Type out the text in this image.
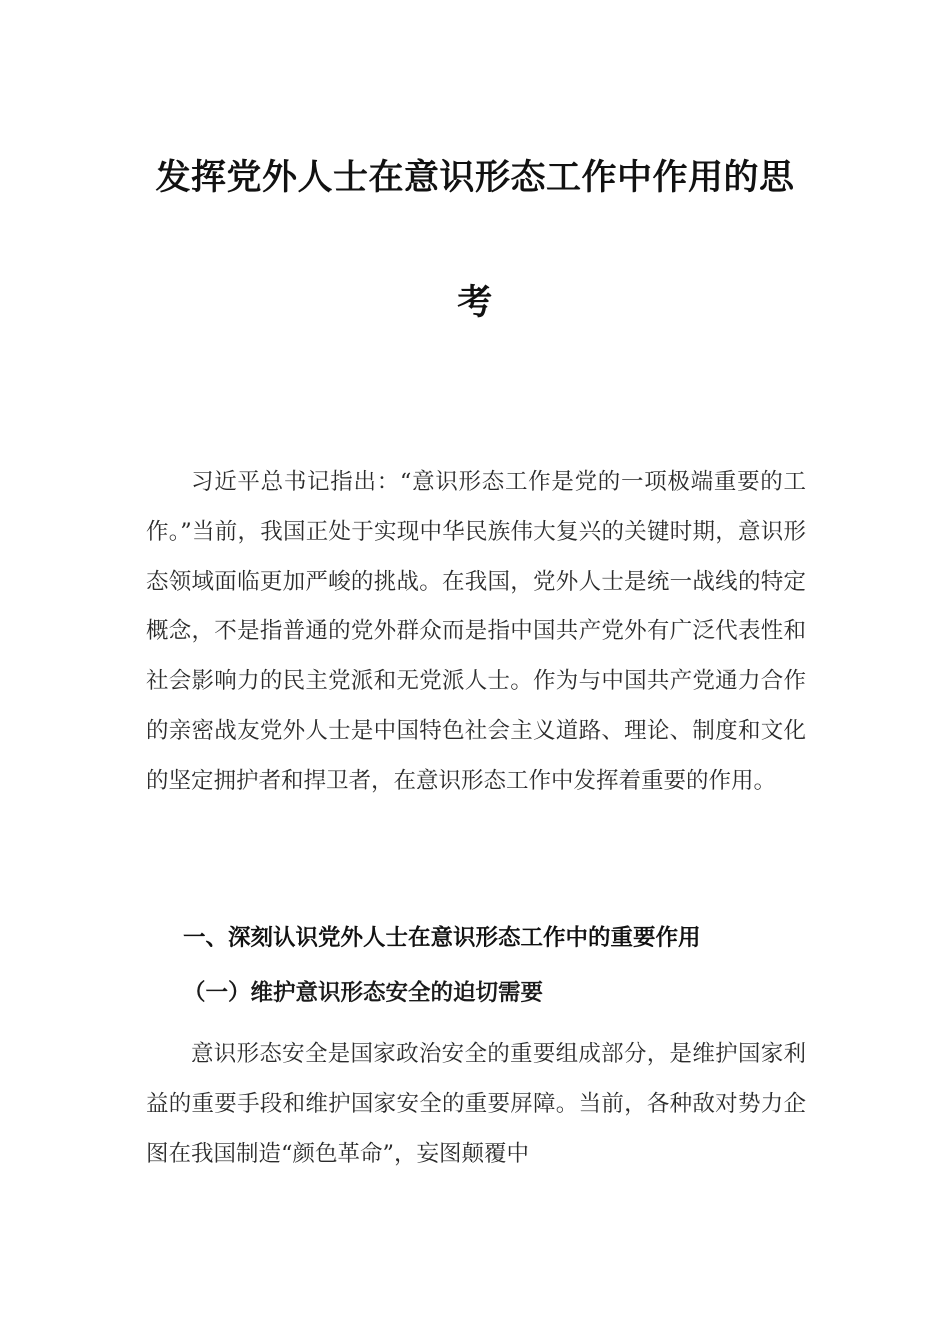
发挥党外人士在意识形态工作中作用的思
考

习近平总书记指出：“意识形态工作是党的一项极端重要的工作。”当前，我国正处于实现中华民族伟大复兴的关键时期，意识形态领域面临更加严峻的挑战。在我国，党外人士是统一战线的特定概念，不是指普通的党外群众而是指中国共产党外有广泛代表性和社会影响力的民主党派和无党派人士。作为与中国共产党通力合作的亲密战友党外人士是中国特色社会主义道路、理论、制度和文化的坚定拥护者和捍卫者，在意识形态工作中发挥着重要的作用。

一、深刻认识党外人士在意识形态工作中的重要作用
（一）维护意识形态安全的迫切需要

意识形态安全是国家政治安全的重要组成部分，是维护国家利益的重要手段和维护国家安全的重要屏障。当前，各种敌对势力企图在我国制造“颜色革命”，妄图颠覆中
